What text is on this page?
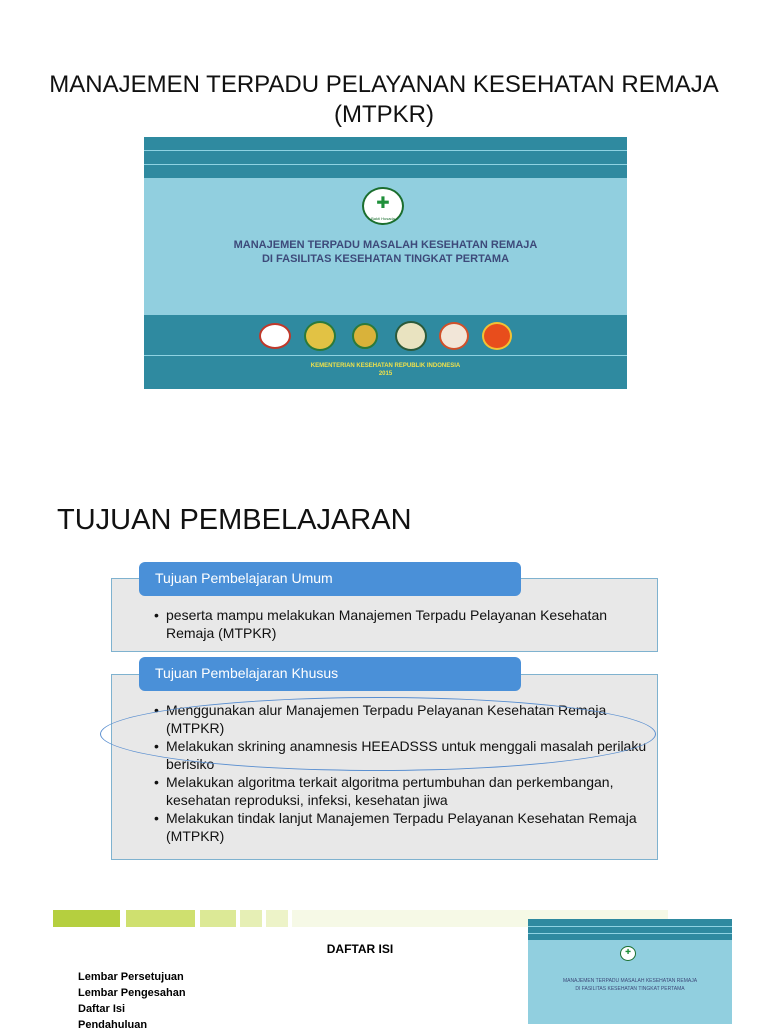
MANAJEMEN TERPADU PELAYANAN KESEHATAN REMAJA
(MTPKR)
✚
Bakti Husada
MANAJEMEN TERPADU MASALAH KESEHATAN REMAJA
DI FASILITAS KESEHATAN TINGKAT PERTAMA

KEMENTERIAN KESEHATAN REPUBLIK INDONESIA
2015
TUJUAN PEMBELAJARAN
• peserta mampu melakukan Manajemen Terpadu Pelayanan Kesehatan Remaja (MTPKR)
Tujuan Pembelajaran Umum
• Menggunakan alur Manajemen Terpadu Pelayanan Kesehatan Remaja (MTPKR)
• Melakukan skrining anamnesis HEEADSSS untuk menggali masalah perilaku berisiko
• Melakukan algoritma terkait algoritma pertumbuhan dan perkembangan, kesehatan reproduksi, infeksi, kesehatan jiwa
• Melakukan tindak lanjut Manajemen Terpadu Pelayanan Kesehatan Remaja (MTPKR)
Tujuan Pembelajaran Khusus
DAFTAR ISI
Lembar Persetujuan
Lembar Pengesahan
Daftar Isi
Pendahuluan
✚
MANAJEMEN TERPADU MASALAH KESEHATAN REMAJA
DI FASILITAS KESEHATAN TINGKAT PERTAMA
